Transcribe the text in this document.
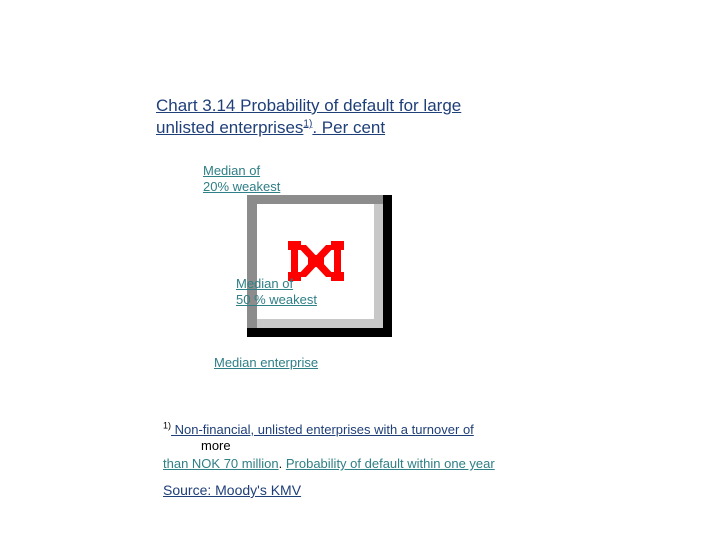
Chart 3.14 Probability of default for large
unlisted enterprises$^{1)}$. Per cent
Median of
20% weakest
Median of
50 % weakest
Median enterprise
$^{1)}$ Non-financial, unlisted enterprises with a turnover of
more
than NOK 70 million. Probability of default within one year
Source: Moody's KMV
